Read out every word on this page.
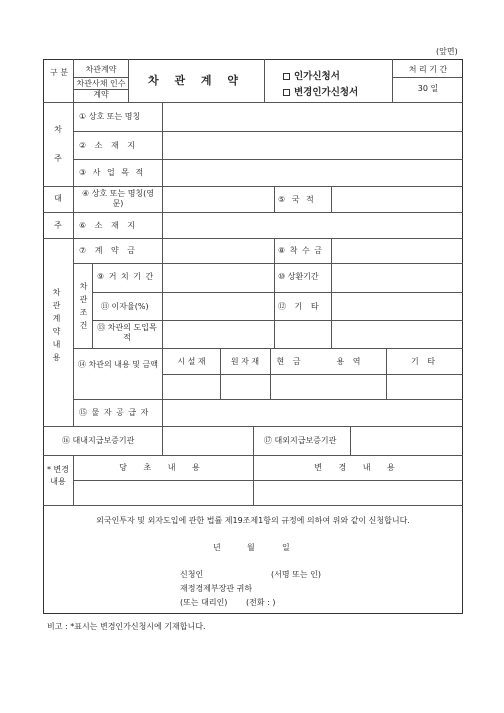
(앞면)
구 분	차관계약
차관사채 인수계약
차 관 계 약	인가신청서
변경인가신청서
처 리 기 간
30 일
차
주
① 상호 또는 명칭
② 소 재 지
③ 사 업 목 적
대
주
④ 상호 또는 명칭(영문)	⑤ 국 적
⑥ 소 재 지
차관계약내용
⑦ 계 약 금	⑧ 착 수 금
차관조건
⑨ 거 치 기 간	⑩ 상환기간
⑪ 이자율(%)	⑫ 기 타
⑬ 차관의 도입목적
⑭ 차관의 내용 및 금액	시 설 재	원 자 재	현 금	용 역	기 타
⑮ 물 자 공 급 자
⑯ 대내지급보증기관	⑰ 대외지급보증기관
* 변경내용
당 초 내 용	변 경 내 용
외국인투자 및 외자도입에 관한 법률 제19조제1항의 규정에 의하여 위와 같이 신청합니다.
년	월	일
신청인	(서명 또는 인)
재정경제부장관 귀하
(또는 대리인) (전화 : )
비고 : *표시는 변경인가신청시에 기재합니다.
